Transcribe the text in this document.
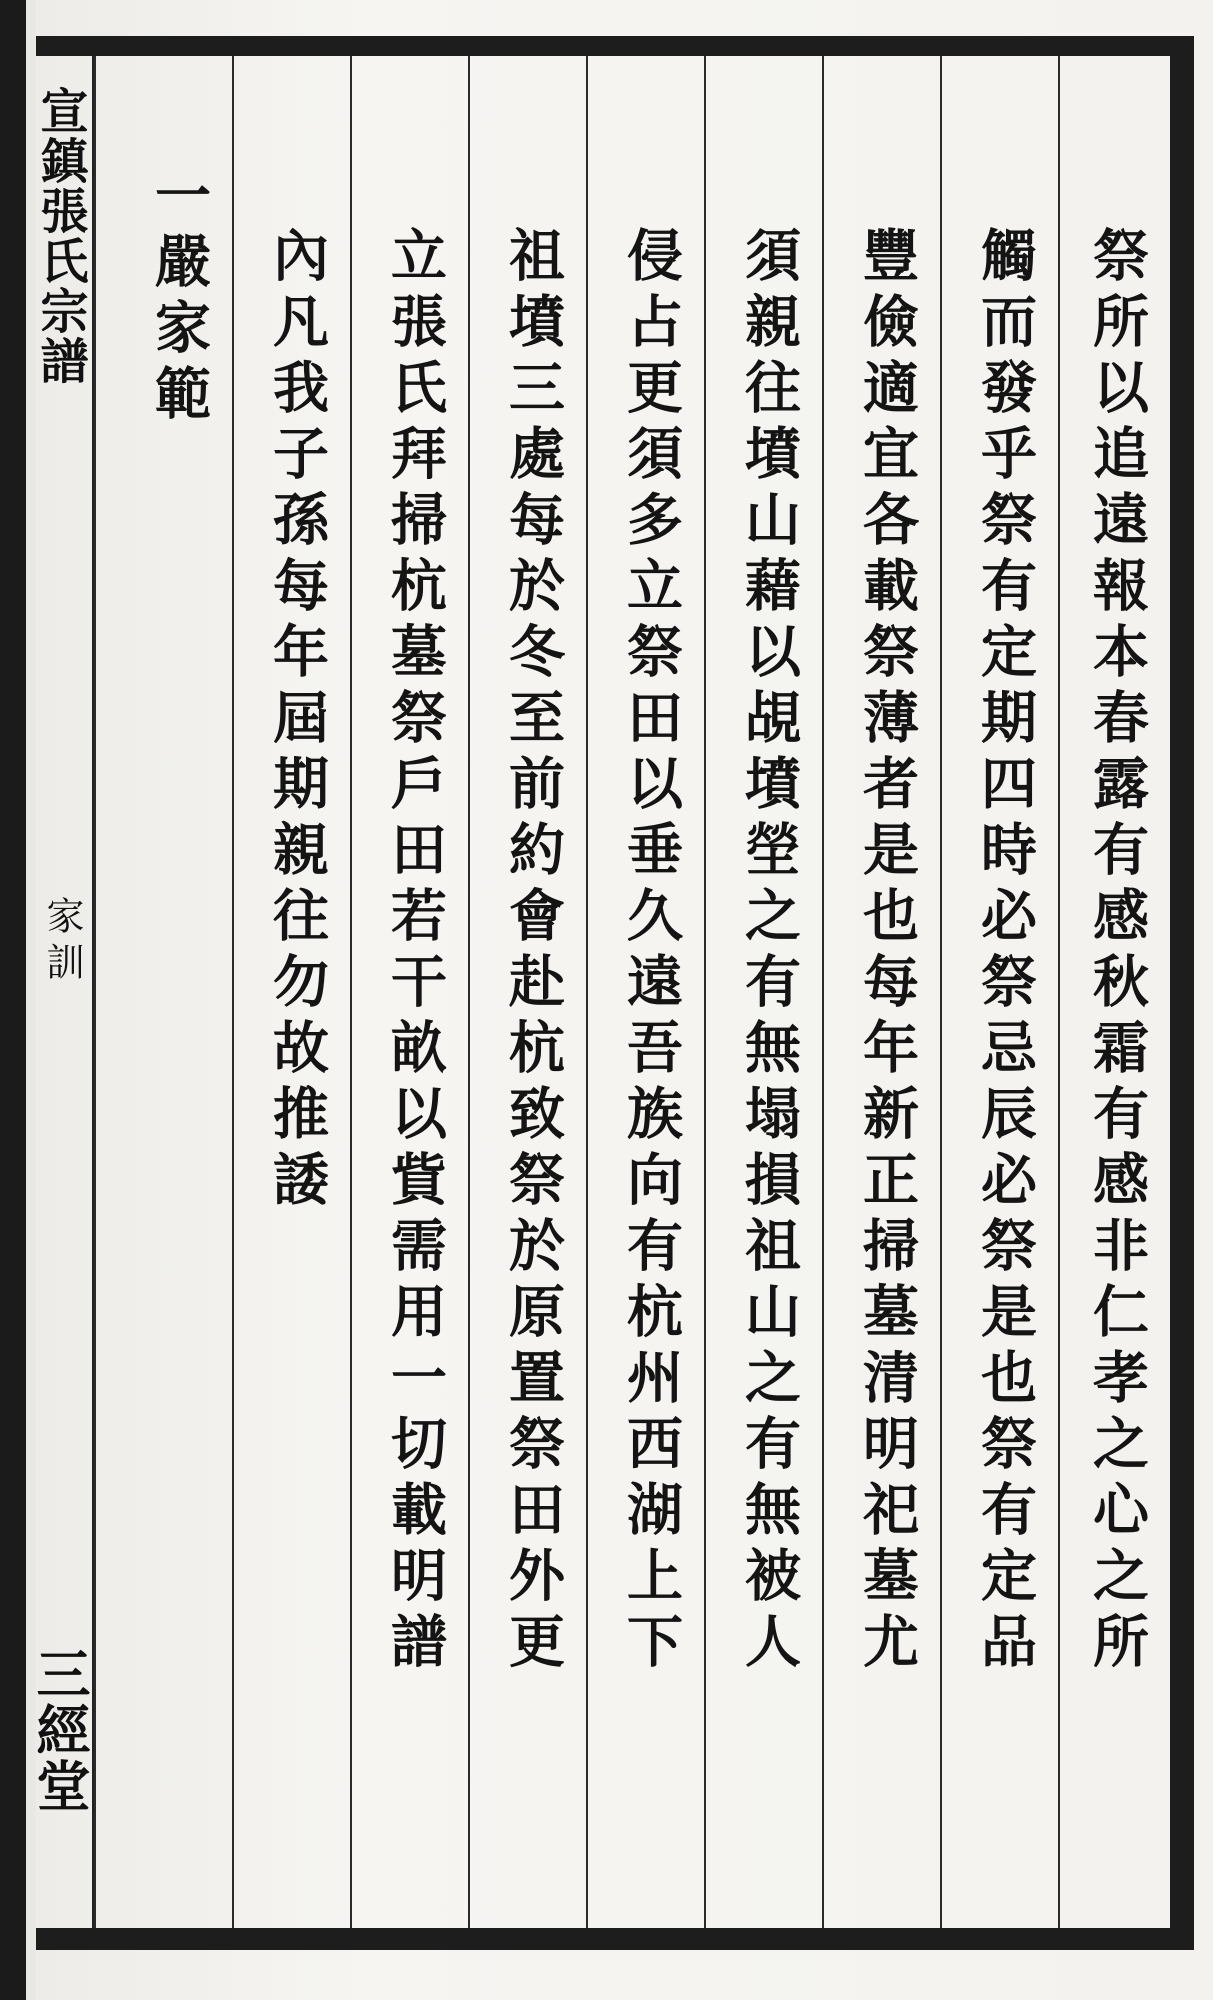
宣鎮張氏宗譜
家訓
三經堂
祭所以追遠報本春露有感秋霜有感非仁孝之心之所
觸而發乎祭有定期四時必祭忌辰必祭是也祭有定品
豐儉適宜各載祭薄者是也每年新正掃墓清明祀墓尤
須親往墳山藉以覘墳塋之有無塌損祖山之有無被人
侵占更須多立祭田以垂久遠吾族向有杭州西湖上下
祖墳三處每於冬至前約會赴杭致祭於原置祭田外更
立張氏拜掃杭墓祭戶田若干畝以貲需用一切載明譜
內凡我子孫每年屆期親往勿故推諉
一嚴家範
